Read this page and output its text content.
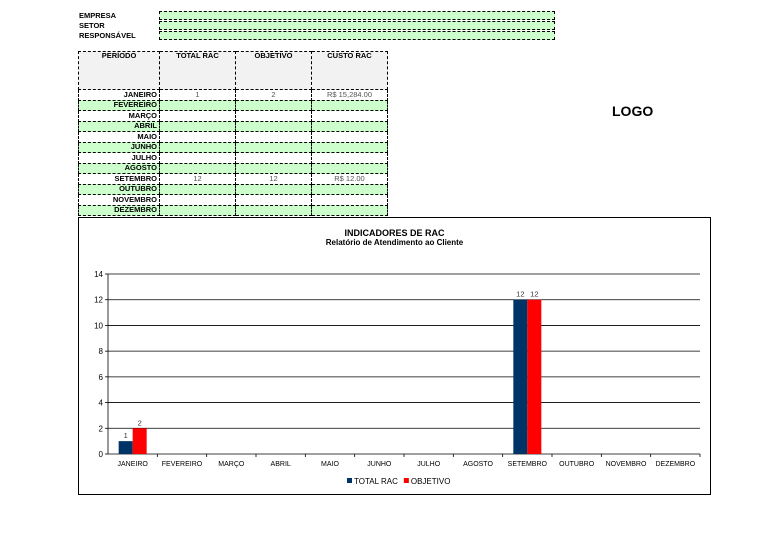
EMPRESA
SETOR
RESPONSÁVEL
PERÍODO	TOTAL RAC	OBJETIVO	CUSTO RAC
JANEIRO	1	2	R$ 15,284.00
FEVEREIRO			
MARÇO			
ABRIL			
MAIO			
JUNHO			
JULHO			
AGOSTO			
SETEMBRO	12	12	R$ 12.00
OUTUBRO			
NOVEMBRO			
DEZEMBRO			
LOGO
INDICADORES DE RAC
Relatório de Atendimento ao Cliente
0
2
4
6
8
10
12
14
JANEIRO
1
2
FEVEREIRO MARÇO	ABRIL	MAIO	JUNHO	JULHO	AGOSTO SETEMBRO
12 12
OUTUBRO NOVEMBRO DEZEMBRO
TOTAL RAC OBJETIVO
